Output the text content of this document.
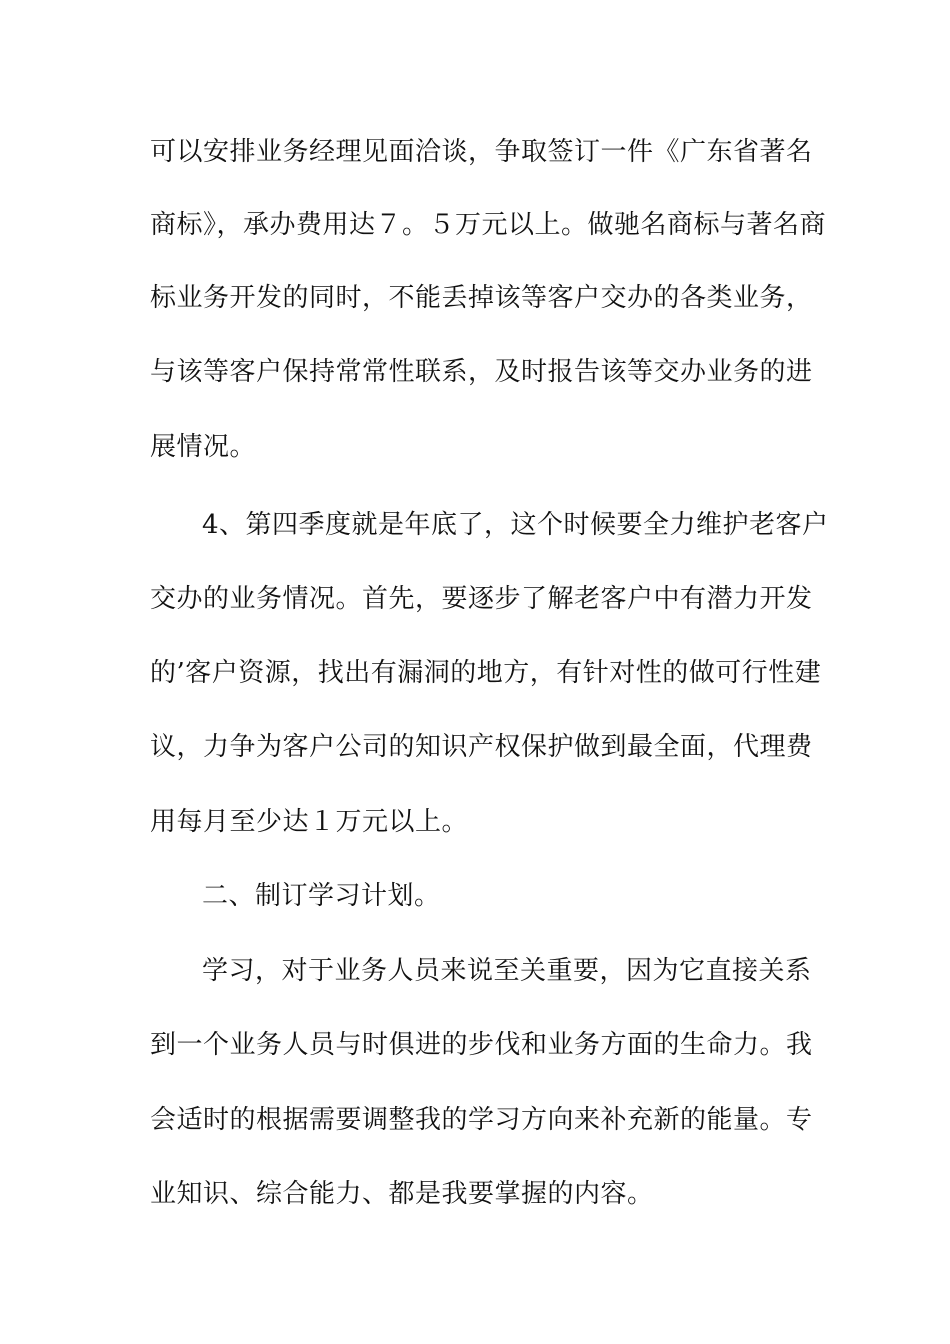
可以安排业务经理见面洽谈，争取签订一件《广东省著名
商标》，承办费用达７。５万元以上。做驰名商标与著名商
标业务开发的同时，不能丢掉该等客户交办的各类业务，
与该等客户保持常常性联系，及时报告该等交办业务的进
展情况。
4、第四季度就是年底了，这个时候要全力维护老客户
交办的业务情况。首先，要逐步了解老客户中有潜力开发
的’客户资源，找出有漏洞的地方，有针对性的做可行性建
议，力争为客户公司的知识产权保护做到最全面，代理费
用每月至少达１万元以上。
二、制订学习计划。
学习，对于业务人员来说至关重要，因为它直接关系
到一个业务人员与时俱进的步伐和业务方面的生命力。我
会适时的根据需要调整我的学习方向来补充新的能量。专
业知识、综合能力、都是我要掌握的内容。
